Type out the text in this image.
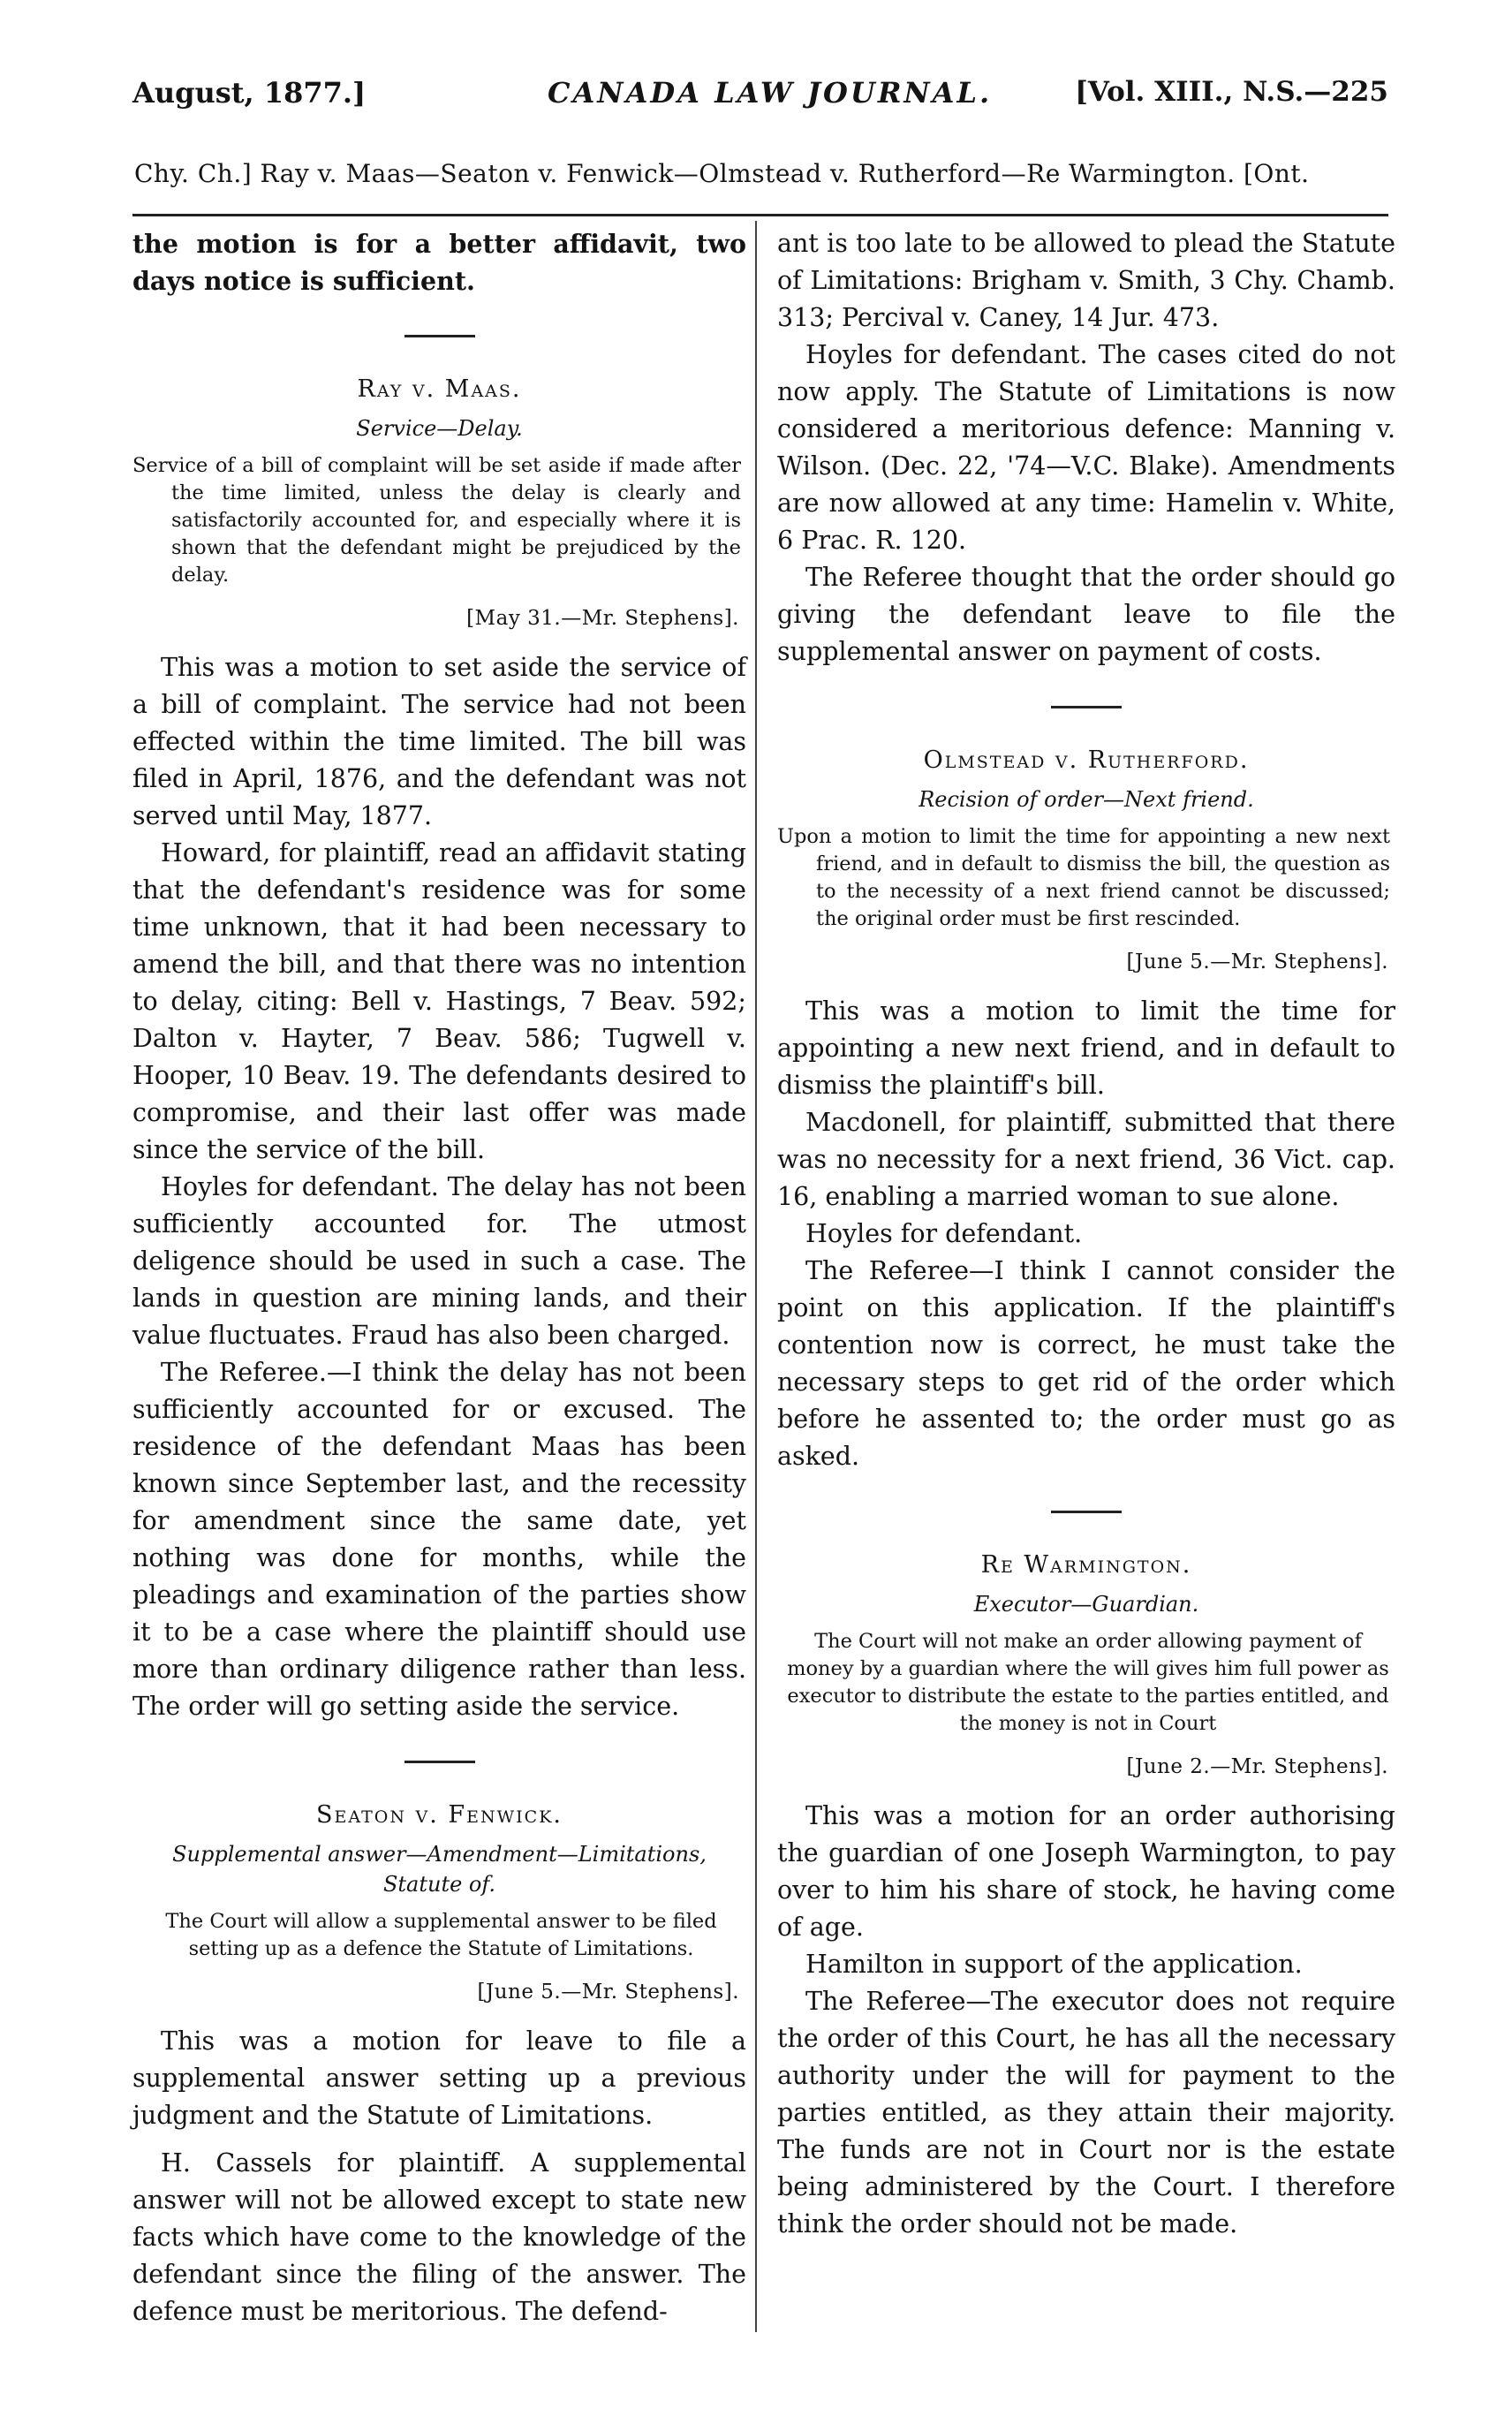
August, 1877.]	CANADA LAW JOURNAL.	[Vol. XIII., N.S.—225
Chy. Ch.] Ray v. Maas—Seaton v. Fenwick—Olmstead v. Rutherford—Re Warmington. [Ont.

the motion is for a better affidavit, two days notice is sufficient.

Ray v. Maas.
Service—Delay.
Service of a bill of complaint will be set aside if made after the time limited, unless the delay is clearly and satisfactorily accounted for, and especially where it is shown that the defendant might be prejudiced by the delay.
[May 31.—Mr. Stephens].

This was a motion to set aside the service of a bill of complaint. The service had not been effected within the time limited. The bill was filed in April, 1876, and the defendant was not served until May, 1877.

Howard, for plaintiff, read an affidavit stating that the defendant's residence was for some time unknown, that it had been necessary to amend the bill, and that there was no intention to delay, citing: Bell v. Hastings, 7 Beav. 592; Dalton v. Hayter, 7 Beav. 586; Tugwell v. Hooper, 10 Beav. 19. The defendants desired to compromise, and their last offer was made since the service of the bill.

Hoyles for defendant. The delay has not been sufficiently accounted for. The utmost deligence should be used in such a case. The lands in question are mining lands, and their value fluctuates. Fraud has also been charged.

The Referee.—I think the delay has not been sufficiently accounted for or excused. The residence of the defendant Maas has been known since September last, and the recessity for amendment since the same date, yet nothing was done for months, while the pleadings and examination of the parties show it to be a case where the plaintiff should use more than ordinary diligence rather than less. The order will go setting aside the service.

Seaton v. Fenwick.
Supplemental answer—Amendment—Limitations, Statute of.
The Court will allow a supplemental answer to be filed setting up as a defence the Statute of Limitations.
[June 5.—Mr. Stephens].

This was a motion for leave to file a supplemental answer setting up a previous judgment and the Statute of Limitations.

H. Cassels for plaintiff. A supplemental answer will not be allowed except to state new facts which have come to the knowledge of the defendant since the filing of the answer. The defence must be meritorious. The defend-

ant is too late to be allowed to plead the Statute of Limitations: Brigham v. Smith, 3 Chy. Chamb. 313; Percival v. Caney, 14 Jur. 473.

Hoyles for defendant. The cases cited do not now apply. The Statute of Limitations is now considered a meritorious defence: Manning v. Wilson. (Dec. 22, '74—V.C. Blake). Amendments are now allowed at any time: Hamelin v. White, 6 Prac. R. 120.

The Referee thought that the order should go giving the defendant leave to file the supplemental answer on payment of costs.

Olmstead v. Rutherford.
Recision of order—Next friend.
Upon a motion to limit the time for appointing a new next friend, and in default to dismiss the bill, the question as to the necessity of a next friend cannot be discussed; the original order must be first rescinded.
[June 5.—Mr. Stephens].

This was a motion to limit the time for appointing a new next friend, and in default to dismiss the plaintiff's bill.

Macdonell, for plaintiff, submitted that there was no necessity for a next friend, 36 Vict. cap. 16, enabling a married woman to sue alone.

Hoyles for defendant.

The Referee—I think I cannot consider the point on this application. If the plaintiff's contention now is correct, he must take the necessary steps to get rid of the order which before he assented to; the order must go as asked.

Re Warmington.
Executor—Guardian.
The Court will not make an order allowing payment of money by a guardian where the will gives him full power as executor to distribute the estate to the parties entitled, and the money is not in Court
[June 2.—Mr. Stephens].

This was a motion for an order authorising the guardian of one Joseph Warmington, to pay over to him his share of stock, he having come of age.

Hamilton in support of the application.

The Referee—The executor does not require the order of this Court, he has all the necessary authority under the will for payment to the parties entitled, as they attain their majority. The funds are not in Court nor is the estate being administered by the Court. I therefore think the order should not be made.
